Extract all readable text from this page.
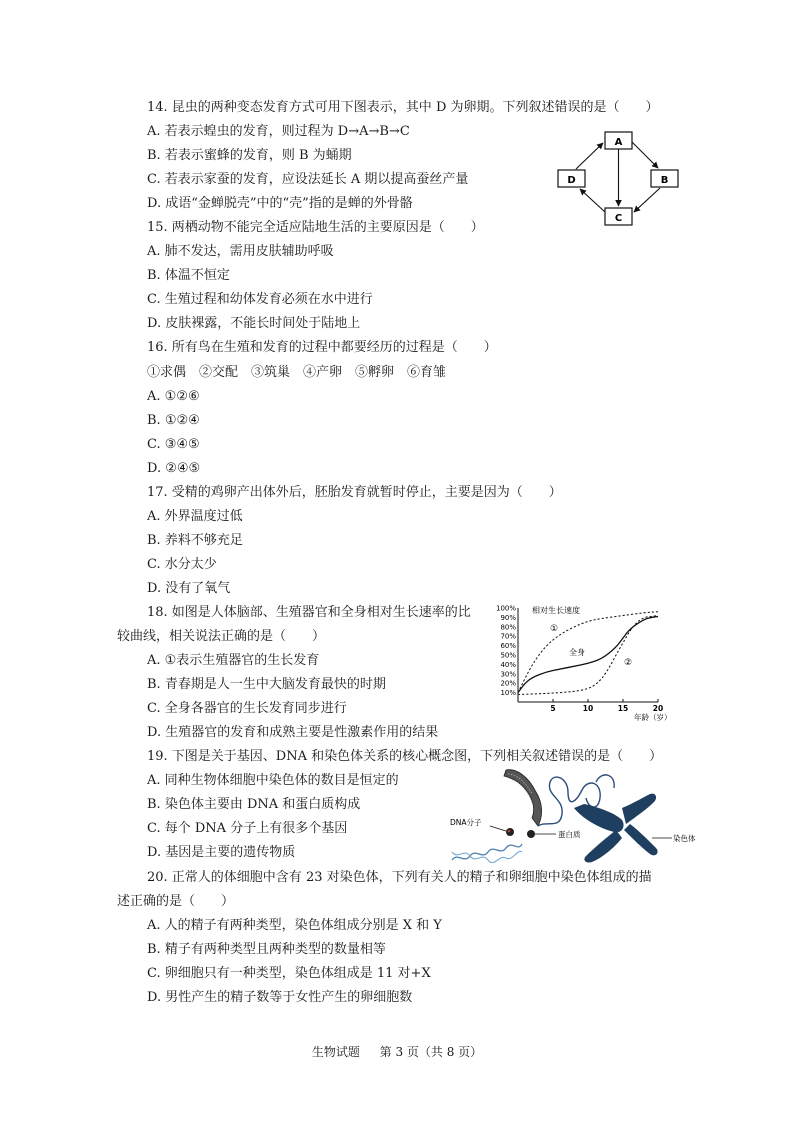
14. 昆虫的两种变态发育方式可用下图表示，其中 D 为卵期。下列叙述错误的是（　　）
A. 若表示蝗虫的发育，则过程为 D→A→B→C
B. 若表示蜜蜂的发育，则 B 为蛹期
C. 若表示家蚕的发育，应设法延长 A 期以提高蚕丝产量
D. 成语“金蝉脱壳”中的“壳”指的是蝉的外骨骼
A
B
C
D
15. 两栖动物不能完全适应陆地生活的主要原因是（　　）
A. 肺不发达，需用皮肤辅助呼吸
B. 体温不恒定
C. 生殖过程和幼体发育必须在水中进行
D. 皮肤裸露，不能长时间处于陆地上
16. 所有鸟在生殖和发育的过程中都要经历的过程是（　　）
①求偶　②交配　③筑巢　④产卵　⑤孵卵　⑥育雏
A. ①②⑥
B. ①②④
C. ③④⑤
D. ②④⑤
17. 受精的鸡卵产出体外后，胚胎发育就暂时停止，主要是因为（　　）
A. 外界温度过低
B. 养料不够充足
C. 水分太少
D. 没有了氧气
18. 如图是人体脑部、生殖器官和全身相对生长速率的比
较曲线，相关说法正确的是（　　）
A. ①表示生殖器官的生长发育
B. 青春期是人一生中大脑发育最快的时期
C. 全身各器官的生长发育同步进行
D. 生殖器官的发育和成熟主要是性激素作用的结果
相对生长速度
10%
20%
30%
40%
50%
60%
70%
80%
90%
100%
5	10	15	20
①
全身
②
年龄（岁）
19. 下图是关于基因、DNA 和染色体关系的核心概念图，下列相关叙述错误的是（　　）
A. 同种生物体细胞中染色体的数目是恒定的
B. 染色体主要由 DNA 和蛋白质构成
C. 每个 DNA 分子上有很多个基因
D. 基因是主要的遗传物质
蛋白质	染色体
DNA分子
20. 正常人的体细胞中含有 23 对染色体，下列有关人的精子和卵细胞中染色体组成的描
述正确的是（　　）
A. 人的精子有两种类型，染色体组成分别是 X 和 Y
B. 精子有两种类型且两种类型的数量相等
C. 卵细胞只有一种类型，染色体组成是 11 对+X
D. 男性产生的精子数等于女性产生的卵细胞数
生物试题 第 3 页（共 8 页）
